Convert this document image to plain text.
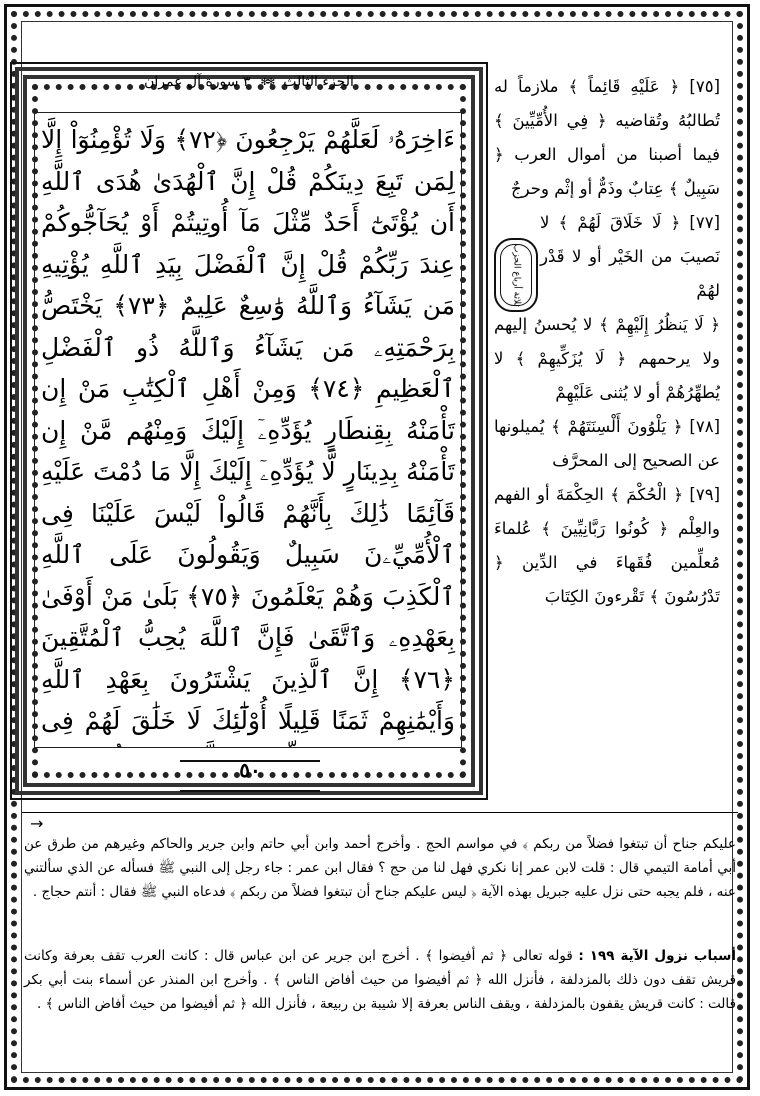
الجزء الثالث
✻✻
٣ سورة آل عمران
ءَاخِرَهُۥ لَعَلَّهُمْ يَرْجِعُونَ ﴿٧٢﴾ وَلَا تُؤْمِنُوٓاْ إِلَّا لِمَن تَبِعَ دِينَكُمْ قُلْ إِنَّ ٱلْهُدَىٰ هُدَى ٱللَّهِ أَن يُؤْتَىٰٓ أَحَدٌ مِّثْلَ مَآ أُوتِيتُمْ أَوْ يُحَآجُّوكُمْ عِندَ رَبِّكُمْ قُلْ إِنَّ ٱلْفَضْلَ بِيَدِ ٱللَّهِ يُؤْتِيهِ مَن يَشَآءُ وَٱللَّهُ وَٰسِعٌ عَلِيمٌ ﴿٧٣﴾ يَخْتَصُّ بِرَحْمَتِهِۦ مَن يَشَآءُ وَٱللَّهُ ذُو ٱلْفَضْلِ ٱلْعَظِيمِ ﴿٧٤﴾ وَمِنْ أَهْلِ ٱلْكِتَٰبِ مَنْ إِن تَأْمَنْهُ بِقِنطَارٍ يُؤَدِّهِۦٓ إِلَيْكَ وَمِنْهُم مَّنْ إِن تَأْمَنْهُ بِدِينَارٍ لَّا يُؤَدِّهِۦٓ إِلَيْكَ إِلَّا مَا دُمْتَ عَلَيْهِ قَآئِمًا ذَٰلِكَ بِأَنَّهُمْ قَالُواْ لَيْسَ عَلَيْنَا فِى ٱلْأُمِّيِّۦنَ سَبِيلٌ وَيَقُولُونَ عَلَى ٱللَّهِ ٱلْكَذِبَ وَهُمْ يَعْلَمُونَ ﴿٧٥﴾ بَلَىٰ مَنْ أَوْفَىٰ بِعَهْدِهِۦ وَٱتَّقَىٰ فَإِنَّ ٱللَّهَ يُحِبُّ ٱلْمُتَّقِينَ ﴿٧٦﴾ إِنَّ ٱلَّذِينَ يَشْتَرُونَ بِعَهْدِ ٱللَّهِ وَأَيْمَٰنِهِمْ ثَمَنًا قَلِيلًا أُوْلَٰٓئِكَ لَا خَلَٰقَ لَهُمْ فِى
٥٠

[٧٥] ﴿ عَلَيْهِ قَائِماً ﴾ ملازماً له تُطالبُهُ وتُقاضيه ﴿ فِي الأُمِّيِّينَ ﴾ فيما أصبنا من أموال العرب ﴿ سَبِيلٌ ﴾ عِتابٌ وذَمٌّ أو إثْم وحرجٌ

[٧٧] ﴿ لَا خَلَاقَ لَهُمْ ﴾ لا نَصيبَ من الخَيْر أو لا قَدْر لهُمْ

﴿ لَا يَنظُرُ إِلَيْهِمْ ﴾ لا يُحسنُ إليهم ولا يرحمهم ﴿ لَا يُزَكِّيهِمْ ﴾ لا يُطهِّرُهُمْ أو لا يُثنى عَلَيْهِمْ

[٧٨] ﴿ يَلْوُونَ أَلْسِنَتَهُمْ ﴾ يُميلونها عن الصحيح إلى المحرَّف

[٧٩] ﴿ الْحُكْمَ ﴾ الحِكْمَةَ أو الفهم والعِلْم ﴿ كُونُوا رَبَّانِيِّينَ ﴾ عُلماءَ مُعلِّمين فُقَهاءَ في الدِّين ﴿ تَدْرُسُونَ ﴾ تَقْرءونَ الكِتَابَ

ثلاثة أرباع الحزب
→

عليكم جناح أن تبتغوا فضلاً من ربكم ﴾ في مواسم الحج . وأخرج أحمد وابن أبي حاتم وابن جرير والحاكم وغيرهم من طرق عن أبي أمامة التيمي قال : قلت لابن عمر إنا نكري فهل لنا من حج ؟ فقال ابن عمر : جاء رجل إلى النبي ﷺ فسأله عن الذي سألتني عنه ، فلم يجبه حتى نزل عليه جبريل بهذه الآية ﴿ ليس عليكم جناح أن تبتغوا فضلاً من ربكم ﴾ فدعاه النبي ﷺ فقال : أنتم حجاج .

أسباب نزول الآية ١٩٩ : قوله تعالى ﴿ ثم أفيضوا ﴾ . أخرج ابن جرير عن ابن عباس قال : كانت العرب تقف بعرفة وكانت قريش تقف دون ذلك بالمزدلفة ، فأنزل الله ﴿ ثم أفيضوا من حيث أفاض الناس ﴾ . وأخرج ابن المنذر عن أسماء بنت أبي بكر قالت : كانت قريش يقفون بالمزدلفة ، ويقف الناس بعرفة إلا شيبة بن ربيعة ، فأنزل الله ﴿ ثم أفيضوا من حيث أفاض الناس ﴾ .
